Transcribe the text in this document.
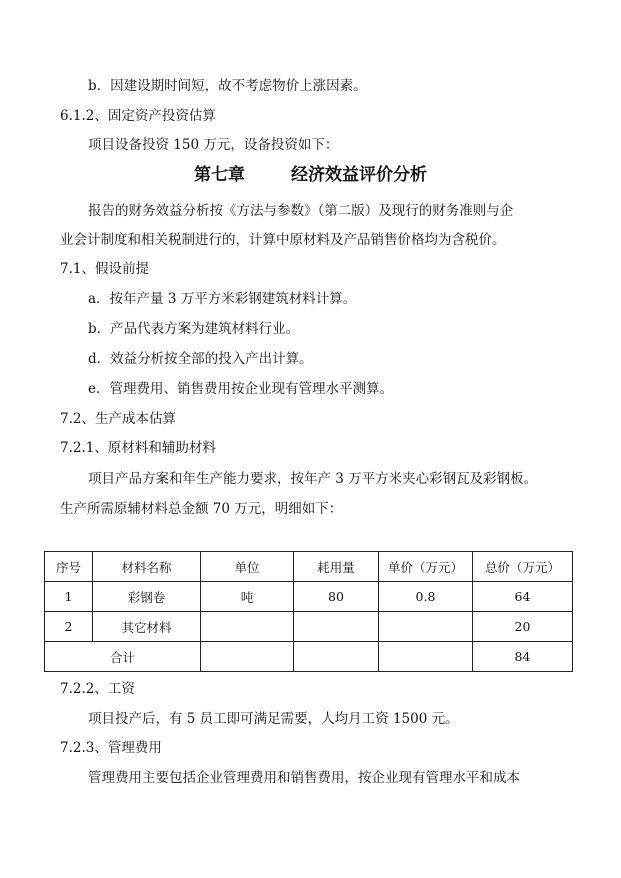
b．因建设期时间短，故不考虑物价上涨因素。
6.1.2、固定资产投资估算
项目设备投资 150 万元，设备投资如下：
第七章	经济效益评价分析
报告的财务效益分析按《方法与参数》（第二版）及现行的财务准则与企
业会计制度和相关税制进行的，计算中原材料及产品销售价格均为含税价。
7.1、假设前提
a．按年产量 3 万平方米彩钢建筑材料计算。
b．产品代表方案为建筑材料行业。
d．效益分析按全部的投入产出计算。
e．管理费用、销售费用按企业现有管理水平测算。
7.2、生产成本估算
7.2.1、原材料和辅助材料
项目产品方案和年生产能力要求，按年产 3 万平方米夹心彩钢瓦及彩钢板。
生产所需原辅材料总金额 70 万元，明细如下：
序号	材料名称	单位	耗用量	单价（万元）	总价（万元）
1	彩钢卷	吨	80	0.8	64
2	其它材料				20
合计					84
7.2.2、工资
项目投产后，有 5 员工即可满足需要，人均月工资 1500 元。
7.2.3、管理费用
管理费用主要包括企业管理费用和销售费用，按企业现有管理水平和成本
